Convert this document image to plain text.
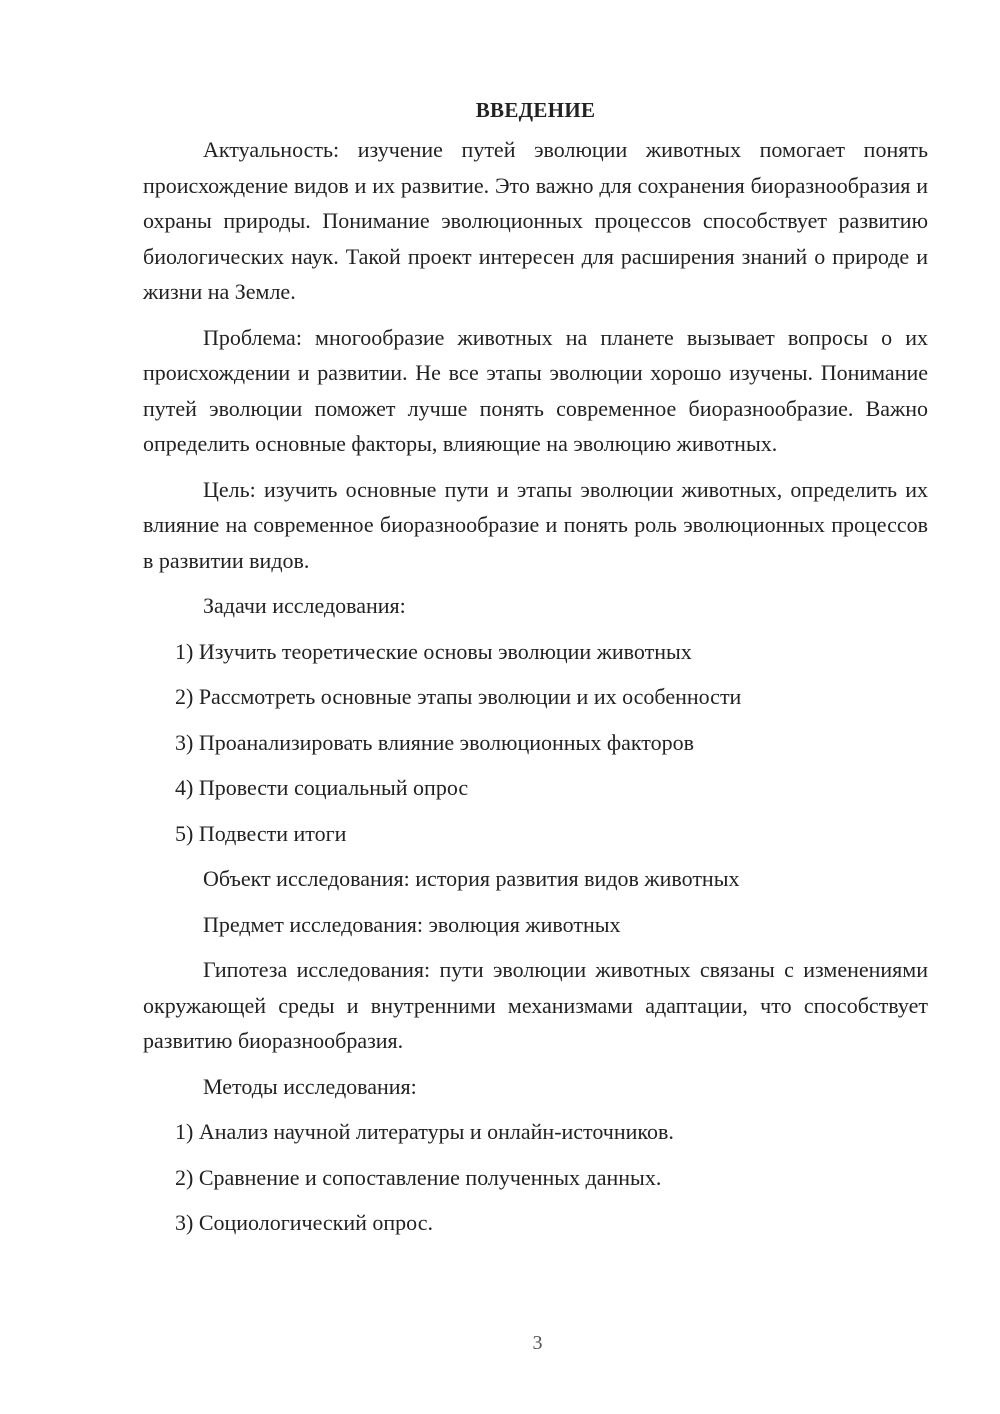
ВВЕДЕНИЕ

Актуальность: изучение путей эволюции животных помогает понять происхождение видов и их развитие. Это важно для сохранения биоразнообразия и охраны природы. Понимание эволюционных процессов способствует развитию биологических наук. Такой проект интересен для расширения знаний о природе и жизни на Земле.

Проблема: многообразие животных на планете вызывает вопросы о их происхождении и развитии. Не все этапы эволюции хорошо изучены. Понимание путей эволюции поможет лучше понять современное биоразнообразие. Важно определить основные факторы, влияющие на эволюцию животных.

Цель: изучить основные пути и этапы эволюции животных, определить их влияние на современное биоразнообразие и понять роль эволюционных процессов в развитии видов.

Задачи исследования:

1) Изучить теоретические основы эволюции животных

2) Рассмотреть основные этапы эволюции и их особенности

3) Проанализировать влияние эволюционных факторов

4) Провести социальный опрос

5) Подвести итоги

Объект исследования: история развития видов животных

Предмет исследования: эволюция животных

Гипотеза исследования: пути эволюции животных связаны с изменениями окружающей среды и внутренними механизмами адаптации, что способствует развитию биоразнообразия.

Методы исследования:

1) Анализ научной литературы и онлайн-источников.

2) Сравнение и сопоставление полученных данных.

3) Социологический опрос.

3
